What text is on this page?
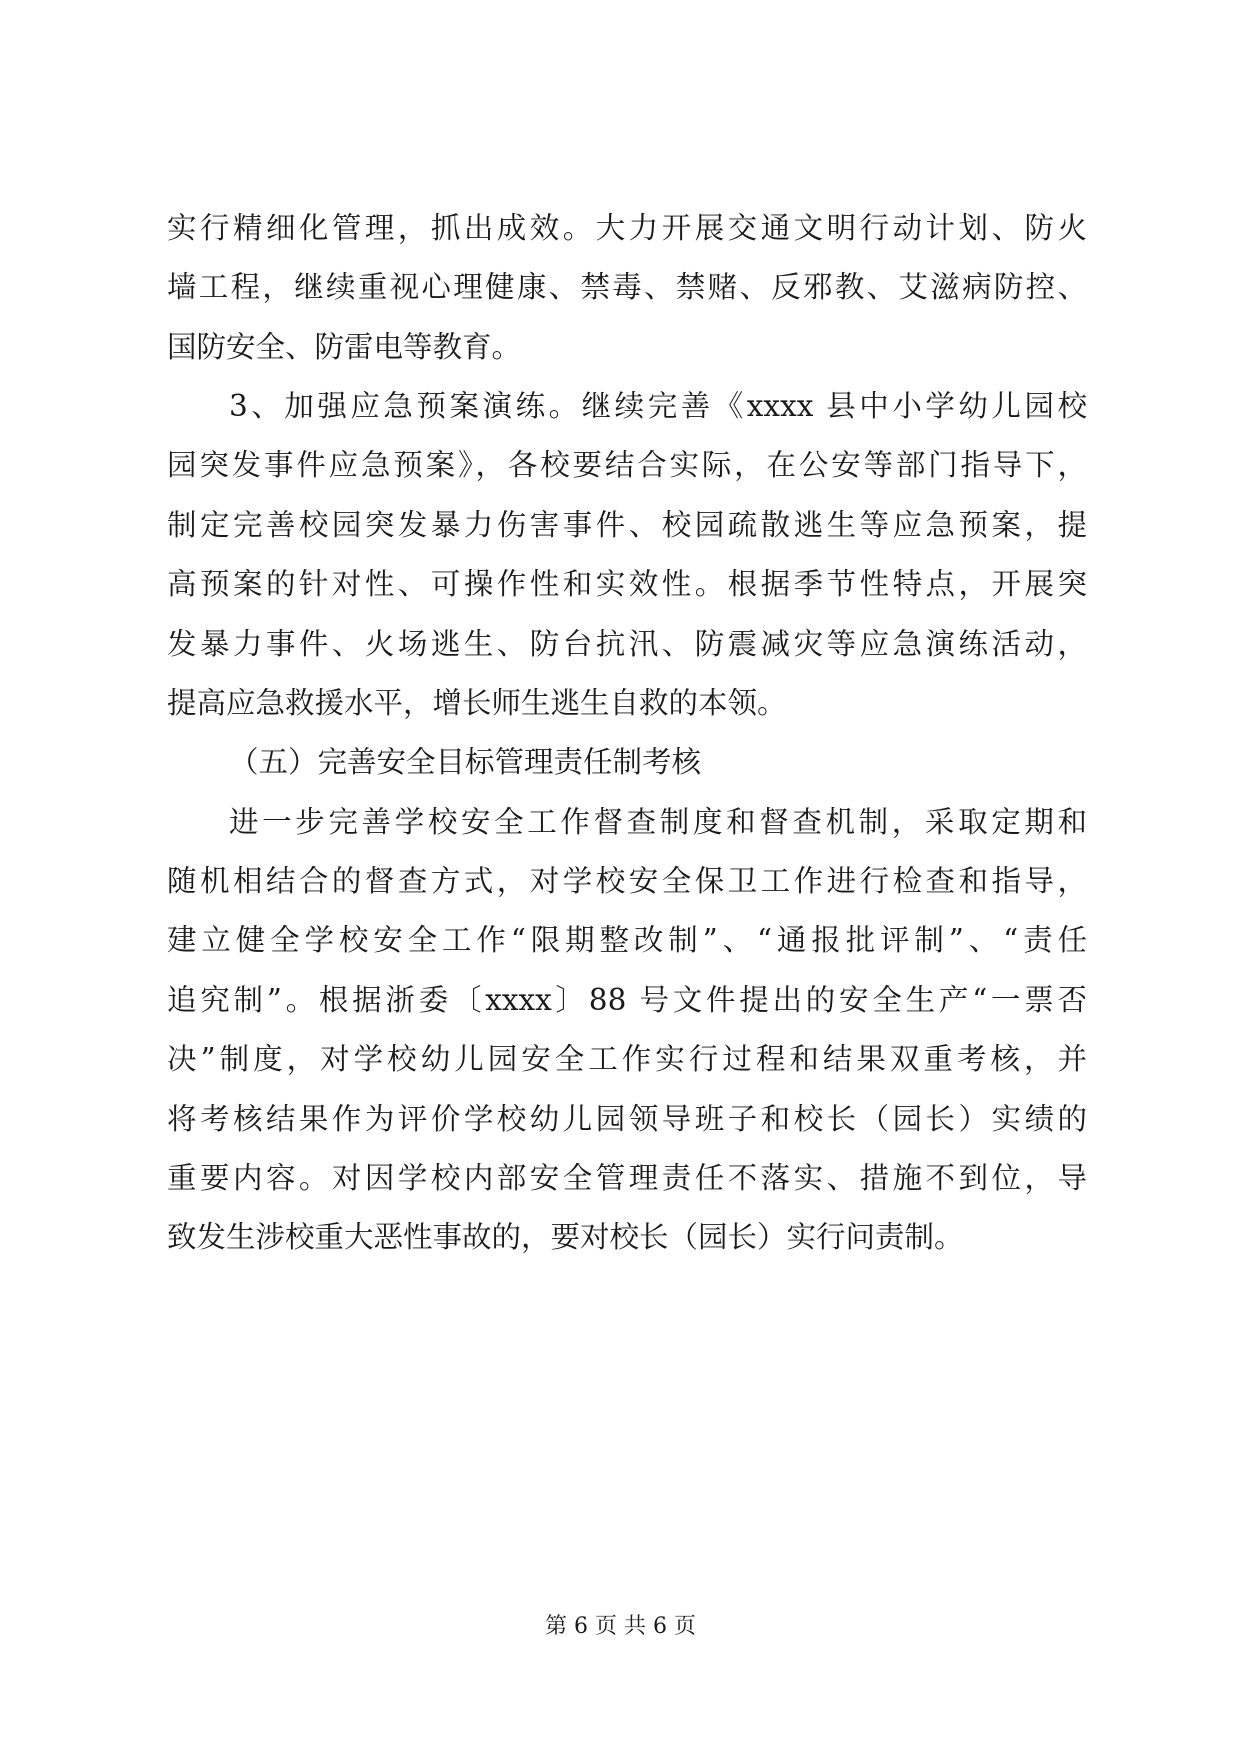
实行精细化管理，抓出成效。大力开展交通文明行动计划、防火
墙工程，继续重视心理健康、禁毒、禁赌、反邪教、艾滋病防控、
国防安全、防雷电等教育。
3、加强应急预案演练。继续完善《xxxx 县中小学幼儿园校
园突发事件应急预案》，各校要结合实际，在公安等部门指导下，
制定完善校园突发暴力伤害事件、校园疏散逃生等应急预案，提
高预案的针对性、可操作性和实效性。根据季节性特点，开展突
发暴力事件、火场逃生、防台抗汛、防震减灾等应急演练活动，
提高应急救援水平，增长师生逃生自救的本领。
（五）完善安全目标管理责任制考核
进一步完善学校安全工作督查制度和督查机制，采取定期和
随机相结合的督查方式，对学校安全保卫工作进行检查和指导，
建立健全学校安全工作“限期整改制”、“通报批评制”、“责任
追究制”。根据浙委〔xxxx〕88 号文件提出的安全生产“一票否
决”制度，对学校幼儿园安全工作实行过程和结果双重考核，并
将考核结果作为评价学校幼儿园领导班子和校长（园长）实绩的
重要内容。对因学校内部安全管理责任不落实、措施不到位，导
致发生涉校重大恶性事故的，要对校长（园长）实行问责制。
第 6 页 共 6 页
